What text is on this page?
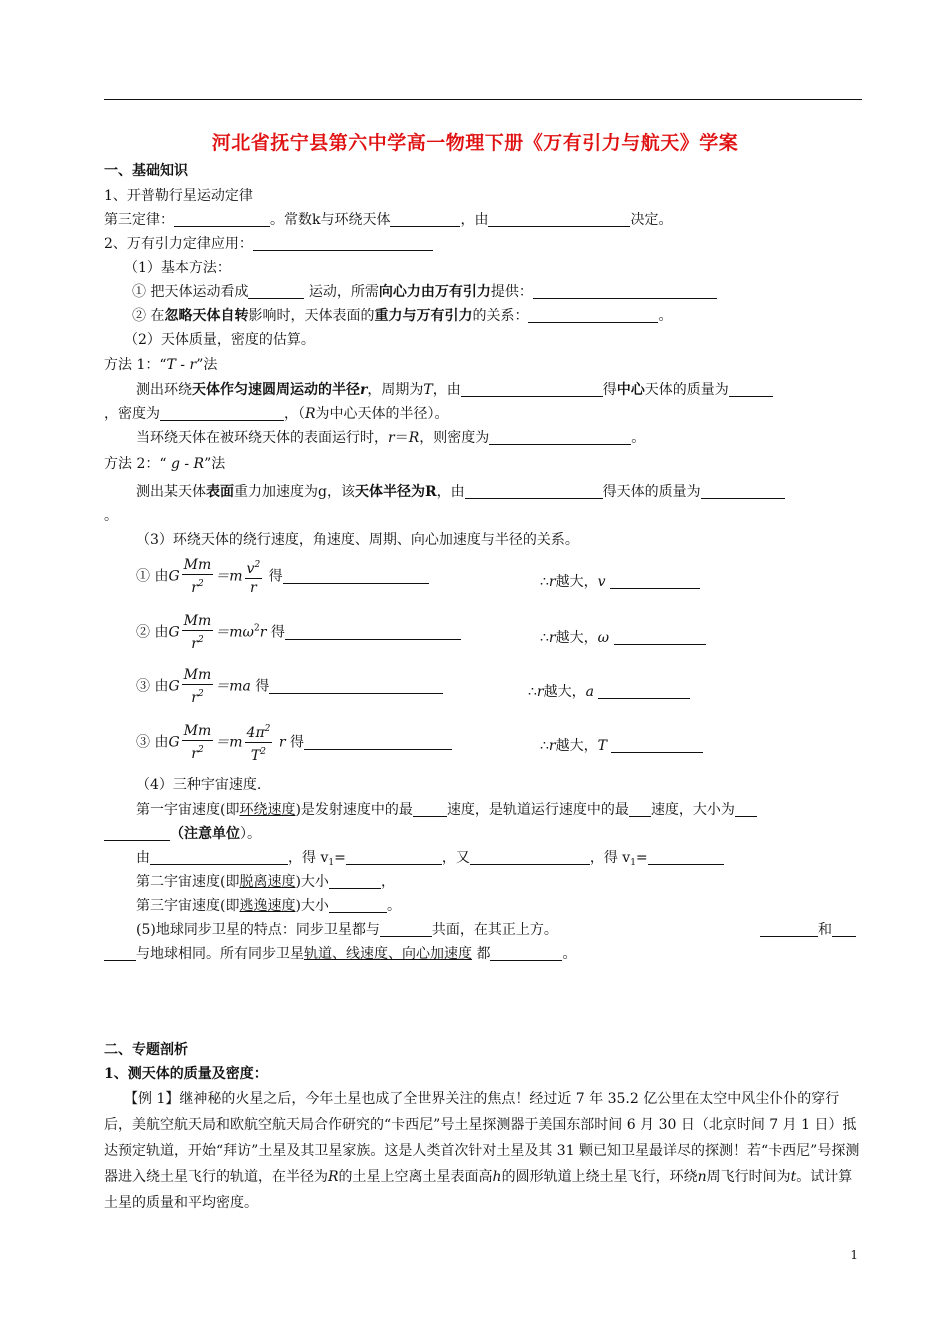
河北省抚宁县第六中学高一物理下册《万有引力与航天》学案
一、基础知识
1、开普勒行星运动定律
第三定律：	。常数k与环绕天体	，由	决定。
2、万有引力定律应用：
（1）基本方法：
① 把天体运动看成	运动，所需向心力由万有引力提供：
② 在忽略天体自转影响时，天体表面的重力与万有引力的关系：	。
（2）天体质量，密度的估算。
方法 1：“T - r”法
测出环绕天体作匀速圆周运动的半径r，周期为T，由	得中心天体的质量为
，密度为	，（R为中心天体的半径）。
当环绕天体在被环绕天体的表面运行时，r＝R，则密度为	。
方法 2：“ g - R”法
测出某天体表面重力加速度为g，该天体半径为R，由	得天体的质量为
。
（3）环绕天体的绕行速度，角速度、周期、向心加速度与半径的关系。
① 由G $\frac{Mm}{r^2} =m \frac{v^2}{r}$ 得	∴r越大，v
② 由G $\frac{Mm}{r^2} =m\omega^2r$ 得	∴r越大，ω
③ 由G $\frac{Mm}{r^2} =ma$ 得	∴r越大，a
③ 由G $\frac{Mm}{r^2} =m \frac{4\pi^2}{T^2}$ r 得	∴r越大，T
（4）三种宇宙速度.
第一宇宙速度(即环绕速度)是发射速度中的最 速度，是轨道运行速度中的最 速度，大小为
（注意单位）。
由	，得 $v_1=$	，又	，得 $v_1=$
第二宇宙速度(即脱离速度)大小	，
第三宇宙速度(即逃逸速度)大小	。
(5)地球同步卫星的特点：同步卫星都与	共面，在其正上方。	和
与地球相同。所有同步卫星轨道、线速度、向心加速度 都	。
二、专题剖析
1、测天体的质量及密度：
【例 1】继神秘的火星之后，今年土星也成了全世界关注的焦点！经过近 7 年 35.2 亿公里在太空中风尘仆仆的穿行后，美航空航天局和欧航空航天局合作研究的“卡西尼”号土星探测器于美国东部时间 6 月 30 日（北京时间 7 月 1 日）抵达预定轨道，开始“拜访”土星及其卫星家族。这是人类首次针对土星及其 31 颗已知卫星最详尽的探测！若“卡西尼”号探测器进入绕土星飞行的轨道，在半径为R的土星上空离土星表面高h的圆形轨道上绕土星飞行，环绕n周飞行时间为t。试计算土星的质量和平均密度。
1
